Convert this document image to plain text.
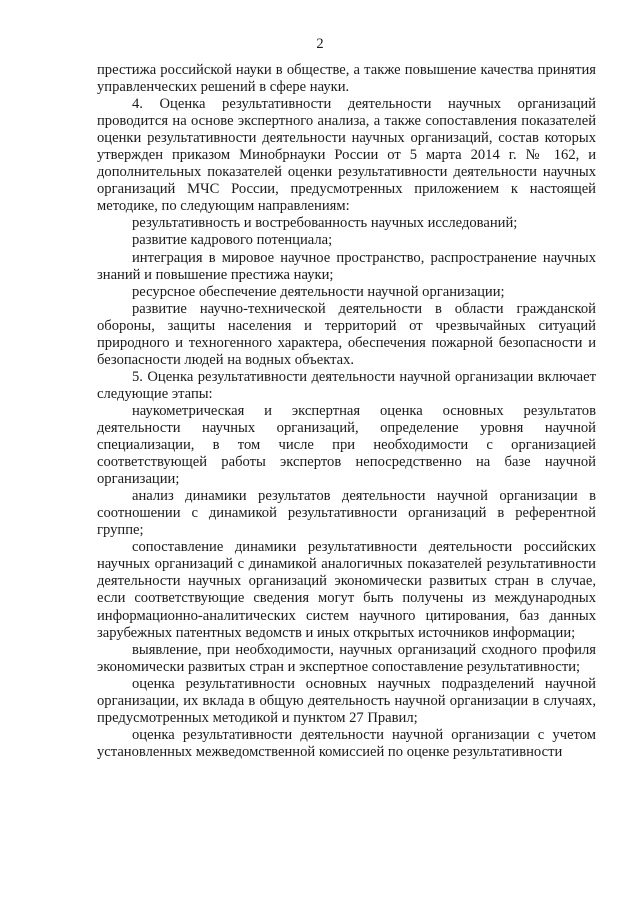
2

престижа российской науки в обществе, а также повышение качества принятия управленческих решений в сфере науки.

4. Оценка результативности деятельности научных организаций проводится на основе экспертного анализа, а также сопоставления показателей оценки результативности деятельности научных организаций, состав которых утвержден приказом Минобрнауки России от 5 марта 2014 г. № 162, и дополнительных показателей оценки результативности деятельности научных организаций МЧС России, предусмотренных приложением к настоящей методике, по следующим направлениям:

результативность и востребованность научных исследований;

развитие кадрового потенциала;

интеграция в мировое научное пространство, распространение научных знаний и повышение престижа науки;

ресурсное обеспечение деятельности научной организации;

развитие научно-технической деятельности в области гражданской обороны, защиты населения и территорий от чрезвычайных ситуаций природного и техногенного характера, обеспечения пожарной безопасности и безопасности людей на водных объектах.

5. Оценка результативности деятельности научной организации включает следующие этапы:

наукометрическая и экспертная оценка основных результатов деятельности научных организаций, определение уровня научной специализации, в том числе при необходимости с организацией соответствующей работы экспертов непосредственно на базе научной организации;

анализ динамики результатов деятельности научной организации в соотношении с динамикой результативности организаций в референтной группе;

сопоставление динамики результативности деятельности российских научных организаций с динамикой аналогичных показателей результативности деятельности научных организаций экономически развитых стран в случае, если соответствующие сведения могут быть получены из международных информационно-аналитических систем научного цитирования, баз данных зарубежных патентных ведомств и иных открытых источников информации;

выявление, при необходимости, научных организаций сходного профиля экономически развитых стран и экспертное сопоставление результативности;

оценка результативности основных научных подразделений научной организации, их вклада в общую деятельность научной организации в случаях, предусмотренных методикой и пунктом 27 Правил;

оценка результативности деятельности научной организации с учетом установленных межведомственной комиссией по оценке результативности
